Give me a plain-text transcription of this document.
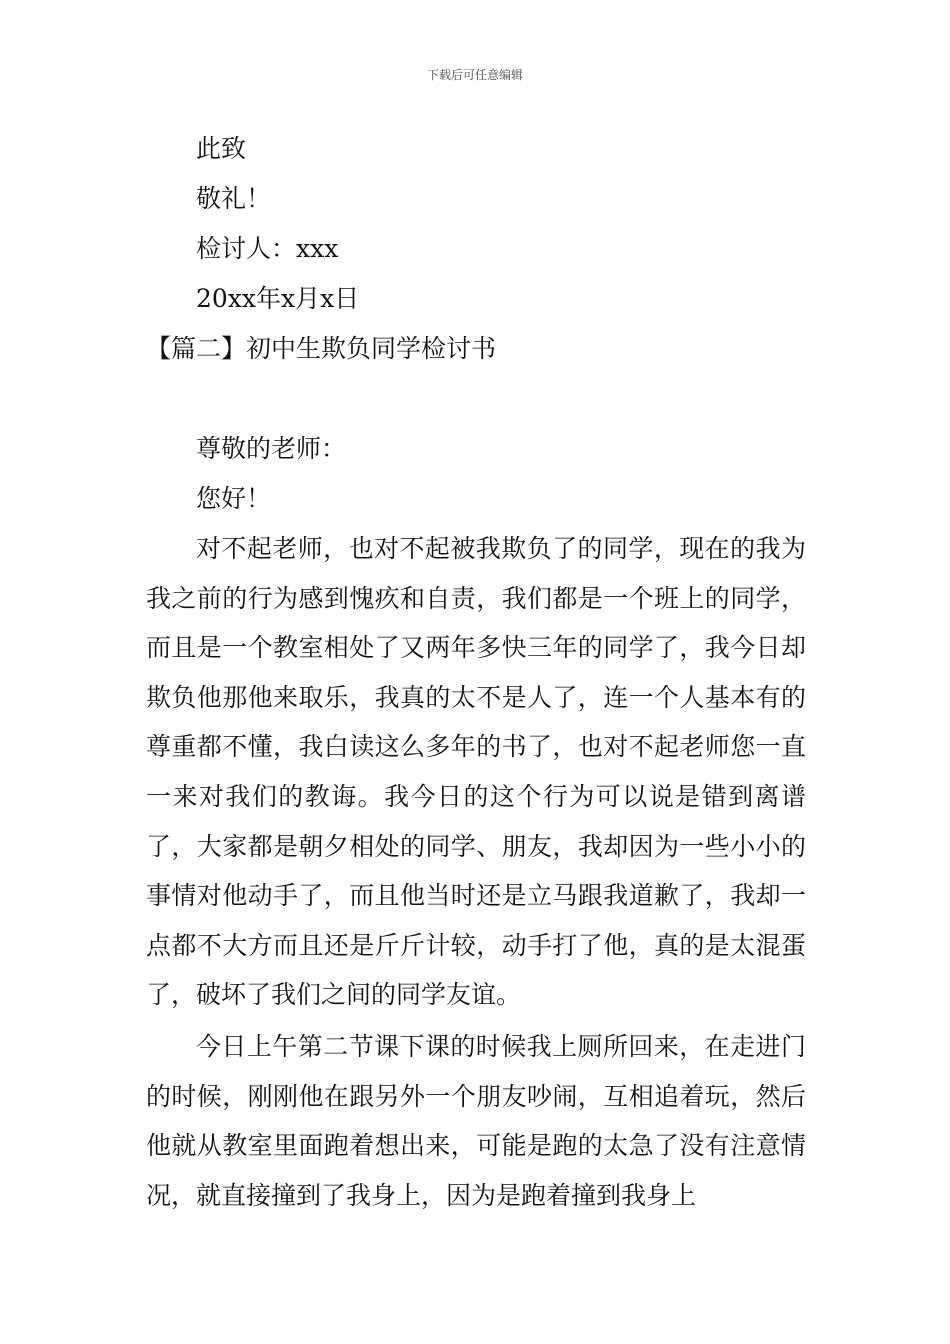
下载后可任意编辑
此致
敬礼！
检讨人：xxx
20xx年x月x日
【篇二】初中生欺负同学检讨书
尊敬的老师：
您好！
对不起老师，也对不起被我欺负了的同学，现在的我为我之前的行为感到愧疚和自责，我们都是一个班上的同学，而且是一个教室相处了又两年多快三年的同学了，我今日却欺负他那他来取乐，我真的太不是人了，连一个人基本有的尊重都不懂，我白读这么多年的书了，也对不起老师您一直一来对我们的教诲。我今日的这个行为可以说是错到离谱了，大家都是朝夕相处的同学、朋友，我却因为一些小小的事情对他动手了，而且他当时还是立马跟我道歉了，我却一点都不大方而且还是斤斤计较，动手打了他，真的是太混蛋了，破坏了我们之间的同学友谊。
今日上午第二节课下课的时候我上厕所回来，在走进门的时候，刚刚他在跟另外一个朋友吵闹，互相追着玩，然后他就从教室里面跑着想出来，可能是跑的太急了没有注意情况，就直接撞到了我身上，因为是跑着撞到我身上
